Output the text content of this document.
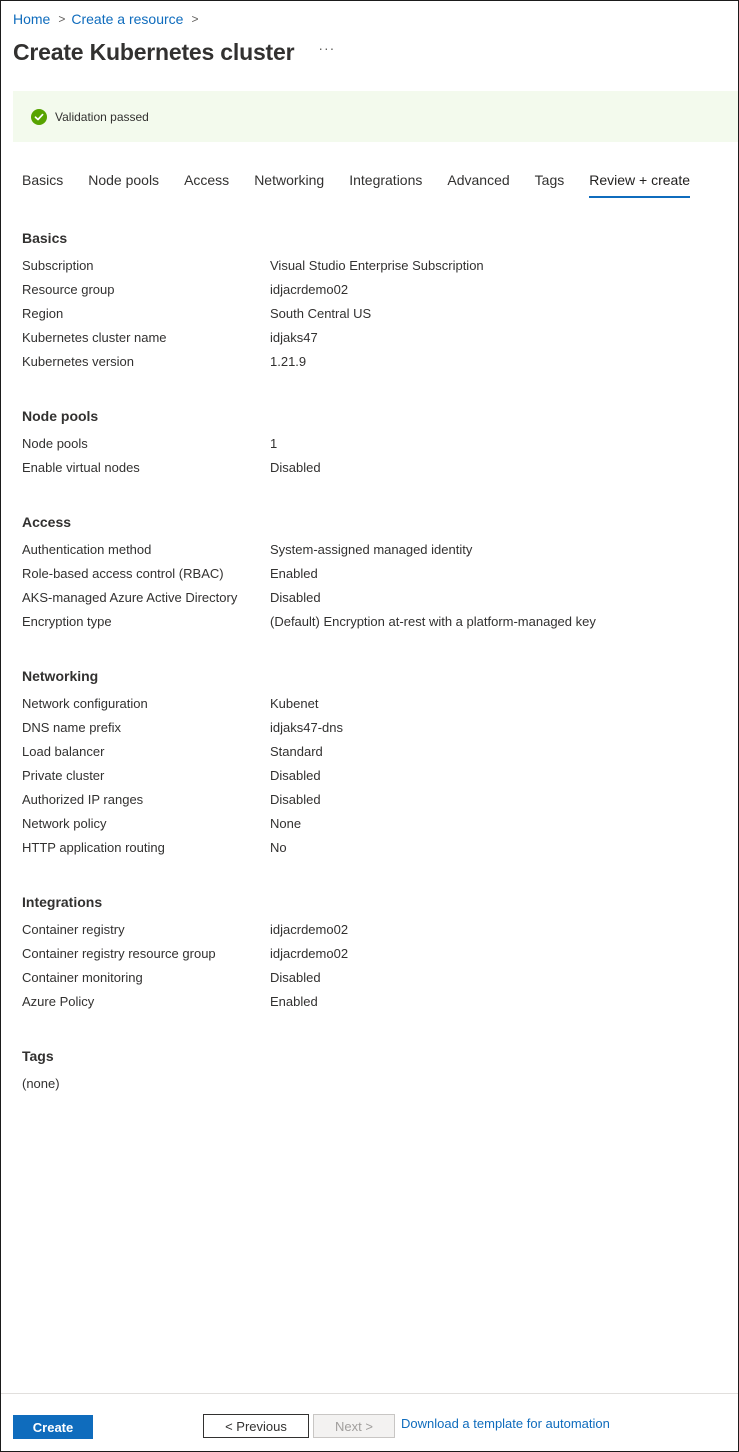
Home > Create a resource >
Create Kubernetes cluster ···
Validation passed
Basics Node pools Access Networking Integrations Advanced Tags Review + create
Basics
Subscription	Visual Studio Enterprise Subscription
Resource group	idjacrdemo02
Region	South Central US
Kubernetes cluster name	idjaks47
Kubernetes version	1.21.9
Node pools
Node pools	1
Enable virtual nodes	Disabled
Access
Authentication method	System-assigned managed identity
Role-based access control (RBAC)	Enabled
AKS-managed Azure Active Directory	Disabled
Encryption type	(Default) Encryption at-rest with a platform-managed key
Networking
Network configuration	Kubenet
DNS name prefix	idjaks47-dns
Load balancer	Standard
Private cluster	Disabled
Authorized IP ranges	Disabled
Network policy	None
HTTP application routing	No
Integrations
Container registry	idjacrdemo02
Container registry resource group	idjacrdemo02
Container monitoring	Disabled
Azure Policy	Enabled
Tags
(none)
Create	< Previous	Next >	Download a template for automation
